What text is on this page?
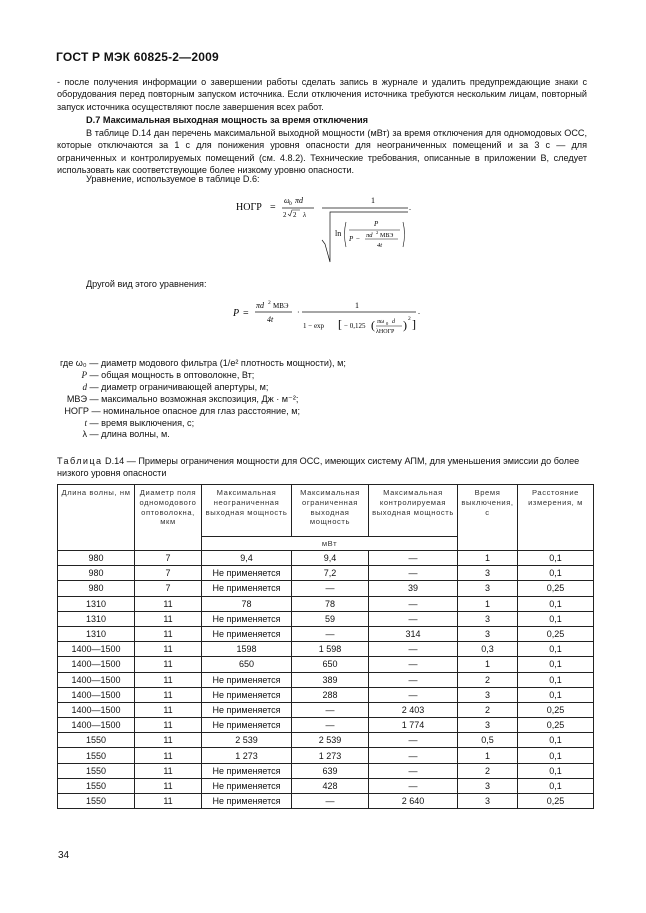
ГОСТ Р МЭК 60825-2—2009
- после получения информации о завершении работы сделать запись в журнале и удалить предупреждающие знаки с оборудования перед повторным запуском источника. Если отключения источника требуются нескольким лицам, повторный запуск источника осуществляют после завершения всех работ.
D.7 Максимальная выходная мощность за время отключения
В таблице D.14 дан перечень максимальной выходной мощности (мВт) за время отключения для одномодовых ОСС, которые отключаются за 1 с для понижения уровня опасности для неограниченных помещений и за 3 с — для ограниченных и контролируемых помещений (см. 4.8.2). Технические требования, описанные в приложении В, следует использовать как соответствующие более низкому уровню опасности.
Уравнение, используемое в таблице D.6:
НОГР =
ω 0 πd
2 2 λ
1
ln
P
P − πd 2
МВЭ
4t
.
Другой вид этого уравнения:
P =
πd 2 МВЭ
4t
·
1
1 − exp [ − 0,125 ( πω 0 d
λНОГР ) 2 ]
.
где ω₀ — диаметр модового фильтра (1/e² плотность мощности), м;
P — общая мощность в оптоволокне, Вт;
d — диаметр ограничивающей апертуры, м;
МВЭ — максимально возможная экспозиция, Дж · м⁻²;
НОГР — номинальное опасное для глаз расстояние, м;
t — время выключения, с;
λ — длина волны, м.
Таблица D.14 — Примеры ограничения мощности для ОСС, имеющих систему АПМ, для уменьшения эмиссии до более низкого уровня опасности
Длина волны, нм	Диаметр поля одномодового оптоволокна, мкм	Максимальная неограниченная выходная мощность	Максимальная ограниченная выходная мощность	Максимальная контролируемая выходная мощность	Время выключения, с	Расстояние измерения, м
		мВт				
980	7	9,4	9,4	—	1	0,1
980	7	Не применяется	7,2	—	3	0,1
980	7	Не применяется	—	39	3	0,25
1310	11	78	78	—	1	0,1
1310	11	Не применяется	59	—	3	0,1
1310	11	Не применяется	—	314	3	0,25
1400—1500	11	1598	1 598	—	0,3	0,1
1400—1500	11	650	650	—	1	0,1
1400—1500	11	Не применяется	389	—	2	0,1
1400—1500	11	Не применяется	288	—	3	0,1
1400—1500	11	Не применяется	—	2 403	2	0,25
1400—1500	11	Не применяется	—	1 774	3	0,25
1550	11	2 539	2 539	—	0,5	0,1
1550	11	1 273	1 273	—	1	0,1
1550	11	Не применяется	639	—	2	0,1
1550	11	Не применяется	428	—	3	0,1
1550	11	Не применяется	—	2 640	3	0,25
34
